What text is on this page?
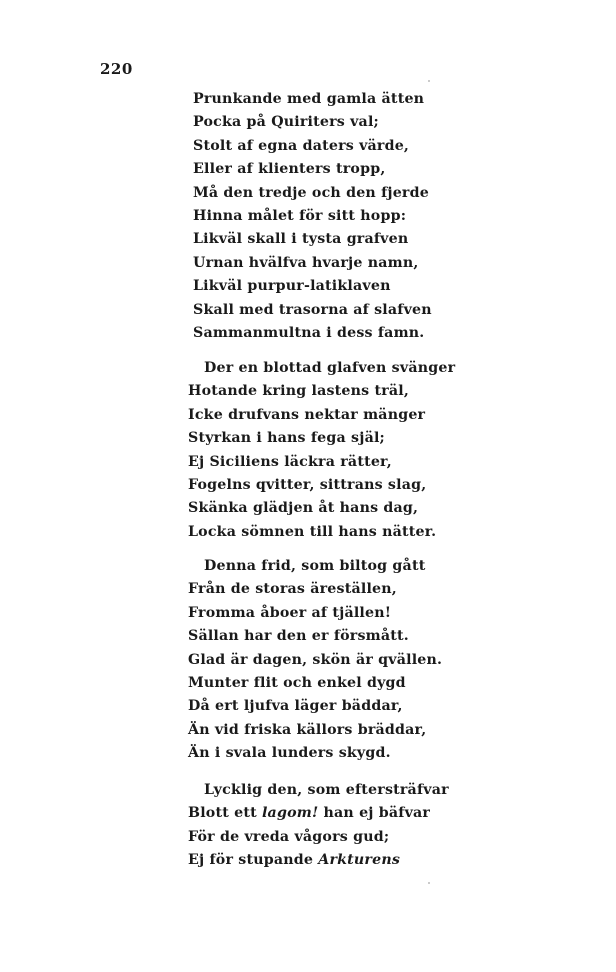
220
Prunkande med gamla ätten
Pocka på Quiriters val;
Stolt af egna daters värde,
Eller af klienters tropp,
Må den tredje och den fjerde
Hinna målet för sitt hopp:
Likväl skall i tysta grafven
Urnan hvälfva hvarje namn,
Likväl purpur-latiklaven
Skall med trasorna af slafven
Sammanmultna i dess famn.
Der en blottad glafven svänger
Hotande kring lastens träl,
Icke drufvans nektar mänger
Styrkan i hans fega själ;
Ej Siciliens läckra rätter,
Fogelns qvitter, sittrans slag,
Skänka glädjen åt hans dag,
Locka sömnen till hans nätter.
Denna frid, som biltog gått
Från de storas äreställen,
Fromma åboer af tjällen!
Sällan har den er försmått.
Glad är dagen, skön är qvällen.
Munter flit och enkel dygd
Då ert ljufva läger bäddar,
Än vid friska källors bräddar,
Än i svala lunders skygd.
Lycklig den, som eftersträfvar
Blott ett lagom! han ej bäfvar
För de vreda vågors gud;
Ej för stupande Arkturens
